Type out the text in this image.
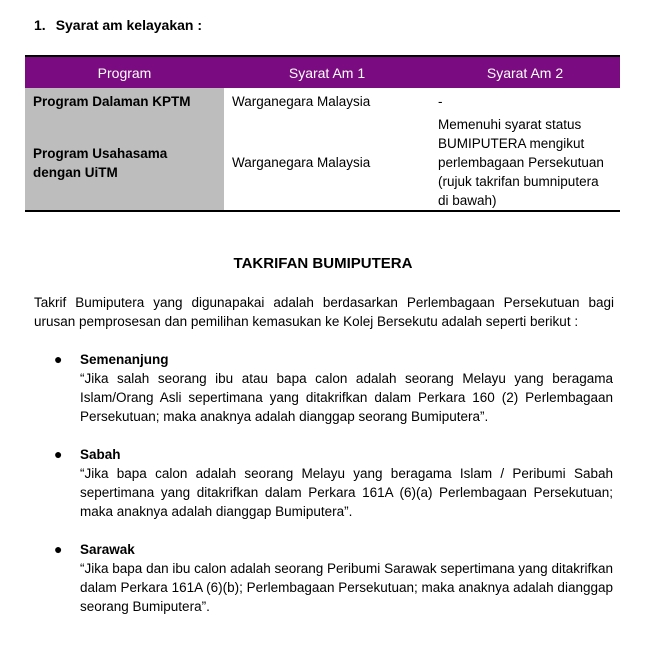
1. Syarat am kelayakan :
Program	Syarat Am 1	Syarat Am 2
Program Dalaman KPTM	Warganegara Malaysia	-
Program Usahasama dengan UiTM	Warganegara Malaysia	Memenuhi syarat status BUMIPUTERA mengikut perlembagaan Persekutuan (rujuk takrifan bumniputera di bawah)
TAKRIFAN BUMIPUTERA
Takrif Bumiputera yang digunapakai adalah berdasarkan Perlembagaan Persekutuan bagi urusan pemprosesan dan pemilihan kemasukan ke Kolej Bersekutu adalah seperti berikut :
● Semenanjung
“Jika salah seorang ibu atau bapa calon adalah seorang Melayu yang beragama Islam/Orang Asli sepertimana yang ditakrifkan dalam Perkara 160 (2) Perlembagaan Persekutuan; maka anaknya adalah dianggap seorang Bumiputera”.
● Sabah
“Jika bapa calon adalah seorang Melayu yang beragama Islam / Peribumi Sabah sepertimana yang ditakrifkan dalam Perkara 161A (6)(a) Perlembagaan Persekutuan; maka anaknya adalah dianggap Bumiputera”.
● Sarawak
“Jika bapa dan ibu calon adalah seorang Peribumi Sarawak sepertimana yang ditakrifkan dalam Perkara 161A (6)(b); Perlembagaan Persekutuan; maka anaknya adalah dianggap seorang Bumiputera”.
